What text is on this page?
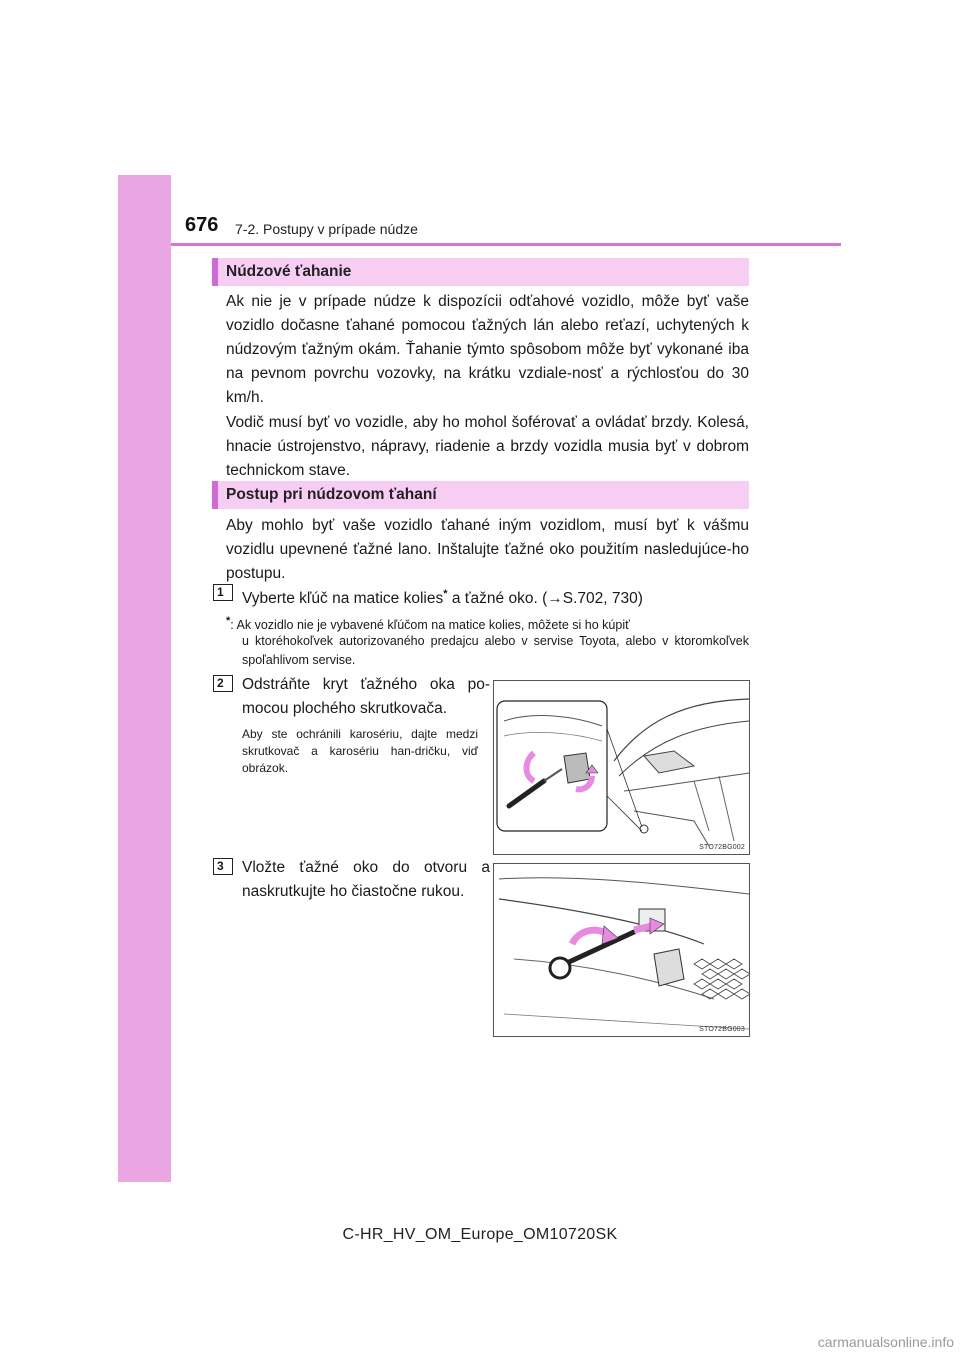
676 7-2. Postupy v prípade núdze
Núdzové ťahanie

Ak nie je v prípade núdze k dispozícii odťahové vozidlo, môže byť vaše vozidlo dočasne ťahané pomocou ťažných lán alebo reťazí, uchytených k núdzovým ťažným okám. Ťahanie týmto spôsobom môže byť vykonané iba na pevnom povrchu vozovky, na krátku vzdiale-nosť a rýchlosťou do 30 km/h.

Vodič musí byť vo vozidle, aby ho mohol šoférovať a ovládať brzdy. Kolesá, hnacie ústrojenstvo, nápravy, riadenie a brzdy vozidla musia byť v dobrom technickom stave.

Postup pri núdzovom ťahaní

Aby mohlo byť vaše vozidlo ťahané iným vozidlom, musí byť k vášmu vozidlu upevnené ťažné lano. Inštalujte ťažné oko použitím nasledujúce-ho postupu.

1	Vyberte kľúč na matice kolies* a ťažné oko. (→S.702, 730)

*: Ak vozidlo nie je vybavené kľúčom na matice kolies, môžete si ho kúpiť

u ktoréhokoľvek autorizovaného predajcu alebo v servise Toyota, alebo v ktoromkoľvek spoľahlivom servise.

2	Odstráňte kryt ťažného oka po-mocou plochého skrutkovača.

Aby ste ochránili karosériu, dajte medzi skrutkovač a karosériu han-dričku, viď obrázok.

STO72BG002
3	Vložte ťažné oko do otvoru a naskrutkujte ho čiastočne rukou.

STO72BG003
C-HR_HV_OM_Europe_OM10720SK
carmanualsonline.info
